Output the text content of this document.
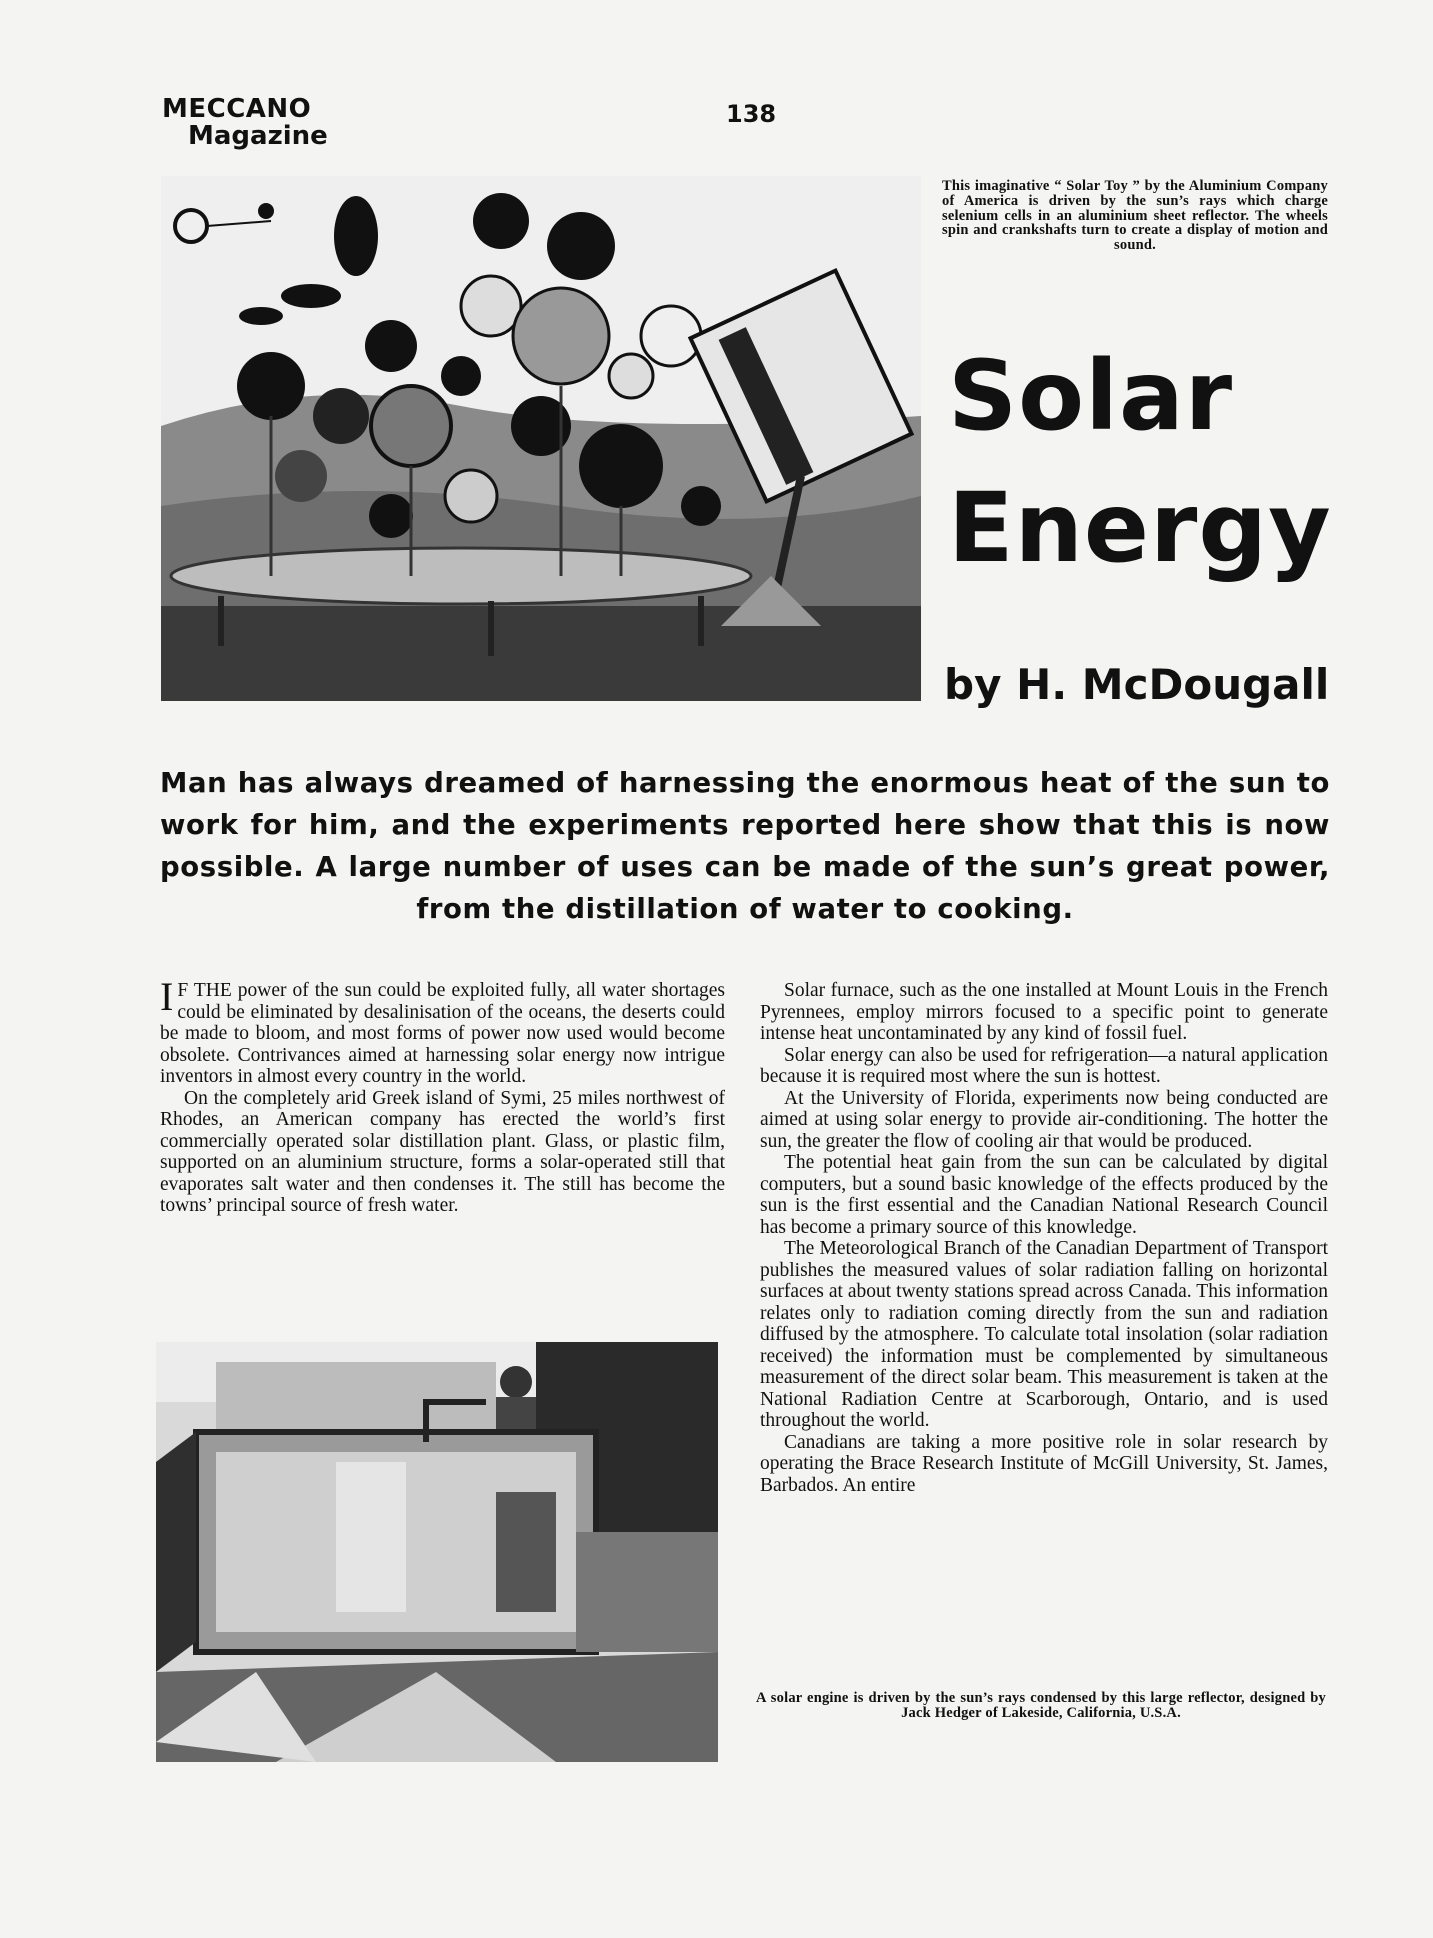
MECCANO
Magazine
138
This imaginative “ Solar Toy ” by the Aluminium Company of America is driven by the sun’s rays which charge selenium cells in an aluminium sheet reflector. The wheels spin and crankshafts turn to create a display of motion and sound.
Solar
Energy
by H. McDougall
Man has always dreamed of harnessing the enormous heat of the sun to work for him, and the experiments reported here show that this is now possible. A large number of uses can be made of the sun’s great power, from the distillation of water to cooking.

I F THE power of the sun could be exploited fully, all water shortages could be eliminated by desalinisation of the oceans, the deserts could be made to bloom, and most forms of power now used would become obsolete. Contrivances aimed at harnessing solar energy now intrigue inventors in almost every country in the world.

On the completely arid Greek island of Symi, 25 miles northwest of Rhodes, an American company has erected the world’s first commercially operated solar distillation plant. Glass, or plastic film, supported on an aluminium structure, forms a solar-operated still that evaporates salt water and then condenses it. The still has become the towns’ principal source of fresh water.

Solar furnace, such as the one installed at Mount Louis in the French Pyrennees, employ mirrors focused to a specific point to generate intense heat uncontaminated by any kind of fossil fuel.

Solar energy can also be used for refrigeration—a natural application because it is required most where the sun is hottest.

At the University of Florida, experiments now being conducted are aimed at using solar energy to provide air-conditioning. The hotter the sun, the greater the flow of cooling air that would be produced.

The potential heat gain from the sun can be calculated by digital computers, but a sound basic knowledge of the effects produced by the sun is the first essential and the Canadian National Research Council has become a primary source of this knowledge.

The Meteorological Branch of the Canadian Department of Transport publishes the measured values of solar radiation falling on horizontal surfaces at about twenty stations spread across Canada. This information relates only to radiation coming directly from the sun and radiation diffused by the atmosphere. To calculate total insolation (solar radiation received) the information must be complemented by simultaneous measurement of the direct solar beam. This measurement is taken at the National Radiation Centre at Scarborough, Ontario, and is used throughout the world.

Canadians are taking a more positive role in solar research by operating the Brace Research Institute of McGill University, St. James, Barbados. An entire

A solar engine is driven by the sun’s rays condensed by this large reflector, designed by Jack Hedger of Lakeside, California, U.S.A.
